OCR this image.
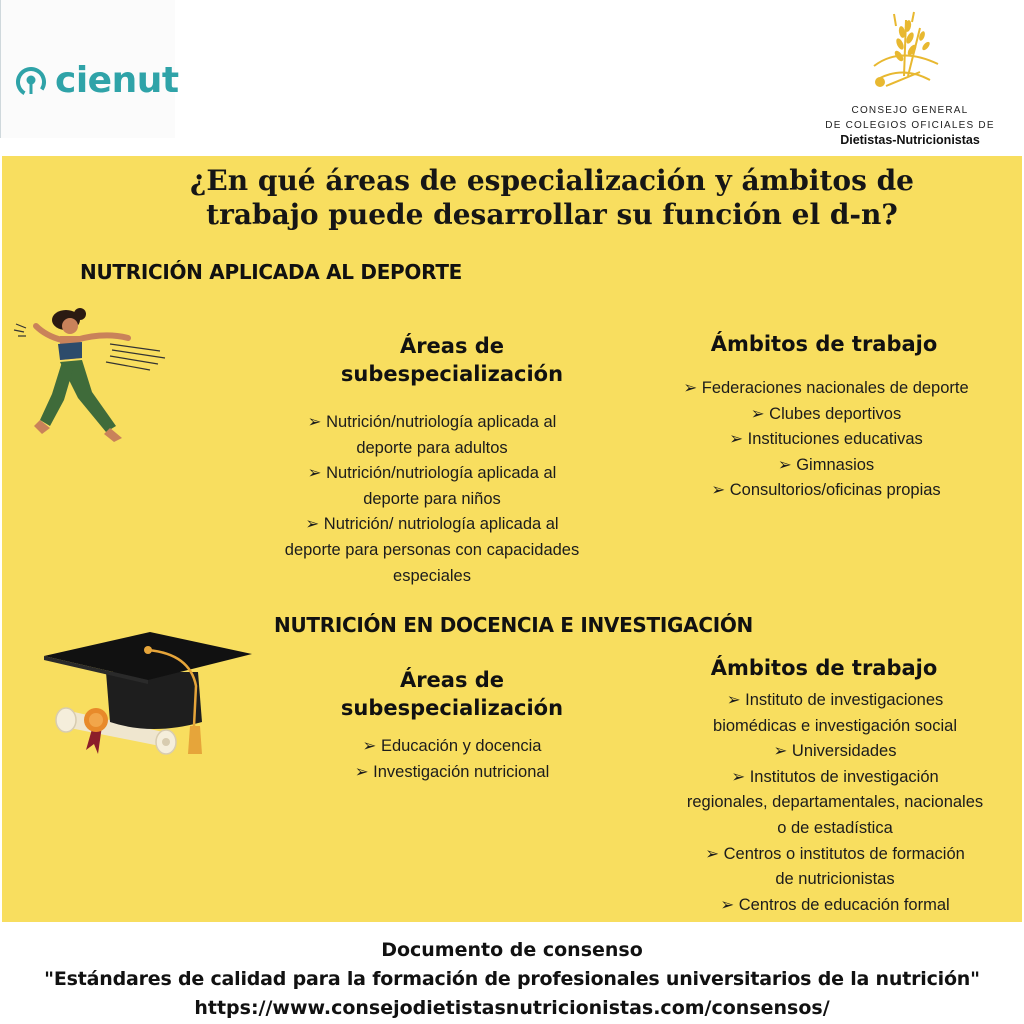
cienut
CONSEJO GENERAL
DE COLEGIOS OFICIALES DE
Dietistas-Nutricionistas
¿En qué áreas de especialización y ámbitos de
trabajo puede desarrollar su función el d-n?
NUTRICIÓN APLICADA AL DEPORTE
Áreas de
subespecialización
➢ Nutrición/nutriología aplicada al
deporte para adultos
➢ Nutrición/nutriología aplicada al
deporte para niños
➢ Nutrición/ nutriología aplicada al
deporte para personas con capacidades
especiales
Ámbitos de trabajo
➢ Federaciones nacionales de deporte
➢ Clubes deportivos
➢ Instituciones educativas
➢ Gimnasios
➢ Consultorios/oficinas propias
NUTRICIÓN EN DOCENCIA E INVESTIGACIÓN
Áreas de
subespecialización
➢ Educación y docencia
➢ Investigación nutricional
Ámbitos de trabajo
➢ Instituto de investigaciones
biomédicas e investigación social
➢ Universidades
➢ Institutos de investigación
regionales, departamentales, nacionales
o de estadística
➢ Centros o institutos de formación
de nutricionistas
➢ Centros de educación formal
Documento de consenso
"Estándares de calidad para la formación de profesionales universitarios de la nutrición"
https://www.consejodietistasnutricionistas.com/consensos/
